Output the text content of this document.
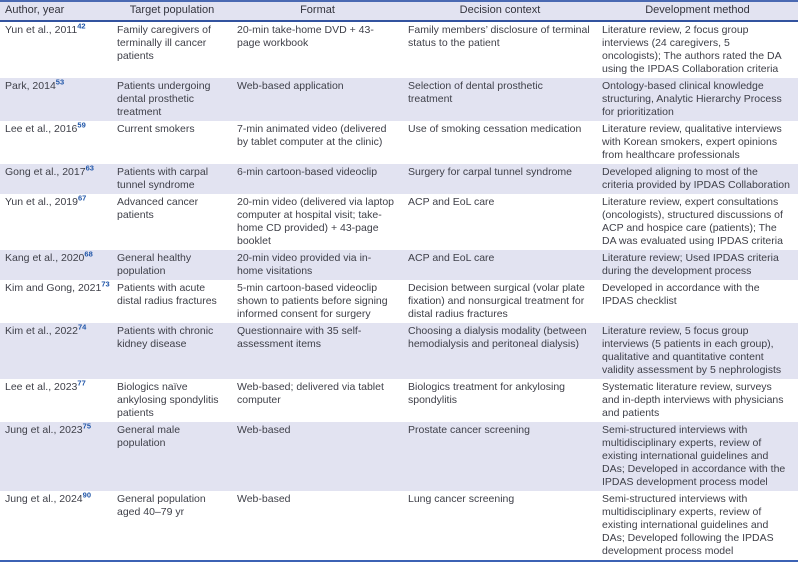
Author, year	Target population	Format	Decision context	Development method
Yun et al., 2011$^{42}$	Family caregivers of terminally ill cancer patients	20-min take-home DVD + 43-page workbook	Family members’ disclosure of terminal status to the patient	Literature review, 2 focus group interviews (24 caregivers, 5 oncologists); The authors rated the DA using the IPDAS Collaboration criteria
Park, 2014$^{53}$	Patients undergoing dental prosthetic treatment	Web-based application	Selection of dental prosthetic treatment	Ontology-based clinical knowledge structuring, Analytic Hierarchy Process for prioritization
Lee et al., 2016$^{59}$	Current smokers	7-min animated video (delivered by tablet computer at the clinic)	Use of smoking cessation medication	Literature review, qualitative interviews with Korean smokers, expert opinions from healthcare professionals
Gong et al., 2017$^{63}$	Patients with carpal tunnel syndrome	6-min cartoon-based videoclip	Surgery for carpal tunnel syndrome	Developed aligning to most of the criteria provided by IPDAS Collaboration
Yun et al., 2019$^{67}$	Advanced cancer patients	20-min video (delivered via laptop computer at hospital visit; take-home CD provided) + 43-page booklet	ACP and EoL care	Literature review, expert consultations (oncologists), structured discussions of ACP and hospice care (patients); The DA was evaluated using IPDAS criteria
Kang et al., 2020$^{68}$	General healthy population	20-min video provided via in-home visitations	ACP and EoL care	Literature review; Used IPDAS criteria during the development process
Kim and Gong, 2021$^{73}$	Patients with acute distal radius fractures	5-min cartoon-based videoclip shown to patients before signing informed consent for surgery	Decision between surgical (volar plate fixation) and nonsurgical treatment for distal radius fractures	Developed in accordance with the IPDAS checklist
Kim et al., 2022$^{74}$	Patients with chronic kidney disease	Questionnaire with 35 self-assessment items	Choosing a dialysis modality (between hemodialysis and peritoneal dialysis)	Literature review, 5 focus group interviews (5 patients in each group), qualitative and quantitative content validity assessment by 5 nephrologists
Lee et al., 2023$^{77}$	Biologics naïve ankylosing spondylitis patients	Web-based; delivered via tablet computer	Biologics treatment for ankylosing spondylitis	Systematic literature review, surveys and in-depth interviews with physicians and patients
Jung et al., 2023$^{75}$	General male population	Web-based	Prostate cancer screening	Semi-structured interviews with multidisciplinary experts, review of existing international guidelines and DAs; Developed in accordance with the IPDAS development process model
Jung et al., 2024$^{90}$	General population aged 40–79 yr	Web-based	Lung cancer screening	Semi-structured interviews with multidisciplinary experts, review of existing international guidelines and DAs; Developed following the IPDAS development process model
